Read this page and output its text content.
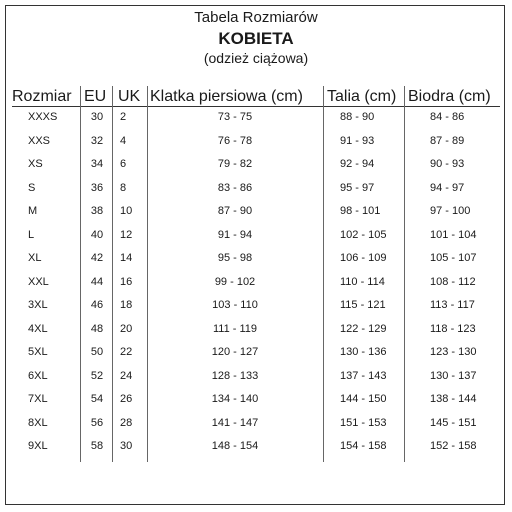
Tabela Rozmiarów

KOBIETA

(odzież ciążowa)

Rozmiar EU UK Klatka piersiowa (cm) Talia (cm) Biodra (cm)
XXXS	30	2	73 - 75	88 - 90	84 - 86
XXS	32	4	76 - 78	91 - 93	87 - 89
XS	34	6	79 - 82	92 - 94	90 - 93
S	36	8	83 - 86	95 - 97	94 - 97
M	38	10	87 - 90	98 - 101	97 - 100
L	40	12	91 - 94	102 - 105	101 - 104
XL	42	14	95 - 98	106 - 109	105 - 107
XXL	44	16	99 - 102	110 - 114	108 - 112
3XL	46	18	103 - 110	115 - 121	113 - 117
4XL	48	20	111 - 119	122 - 129	118 - 123
5XL	50	22	120 - 127	130 - 136	123 - 130
6XL	52	24	128 - 133	137 - 143	130 - 137
7XL	54	26	134 - 140	144 - 150	138 - 144
8XL	56	28	141 - 147	151 - 153	145 - 151
9XL	58	30	148 - 154	154 - 158	152 - 158
